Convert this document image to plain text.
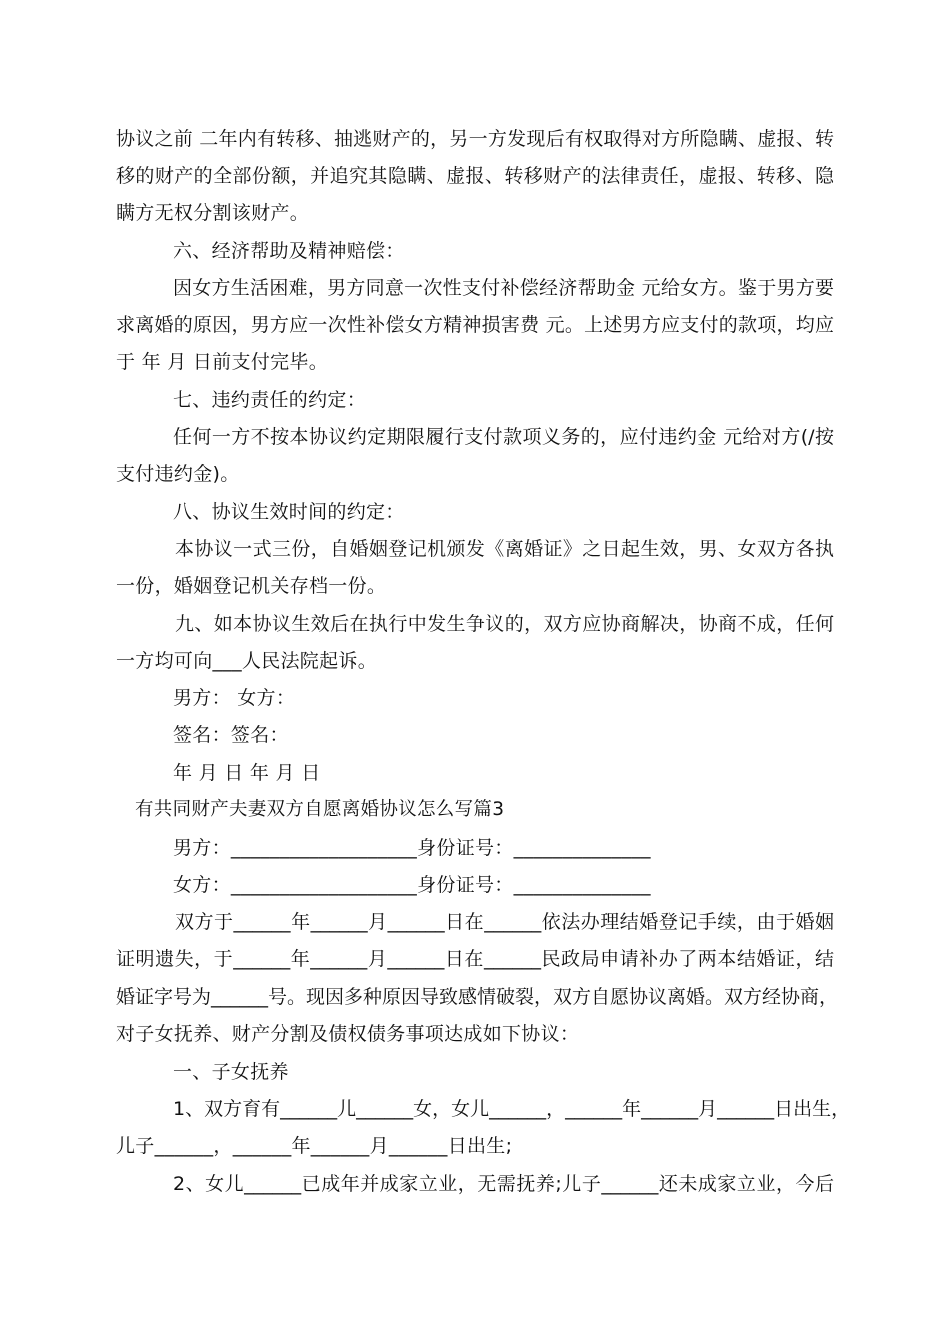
协议之前 二年内有转移、抽逃财产的，另一方发现后有权取得对方所隐瞒、虚报、转
移的财产的全部份额，并追究其隐瞒、虚报、转移财产的法律责任，虚报、转移、隐
瞒方无权分割该财产。
六、经济帮助及精神赔偿：
因女方生活困难，男方同意一次性支付补偿经济帮助金 元给女方。鉴于男方要
求离婚的原因，男方应一次性补偿女方精神损害费 元。上述男方应支付的款项，均应
于 年 月 日前支付完毕。
七、违约责任的约定：
任何一方不按本协议约定期限履行支付款项义务的，应付违约金 元给对方(/按
支付违约金)。
八、协议生效时间的约定：
本协议一式三份，自婚姻登记机颁发《离婚证》之日起生效，男、女双方各执
一份，婚姻登记机关存档一份。
九、如本协议生效后在执行中发生争议的，双方应协商解决，协商不成，任何
一方均可向___人民法院起诉。
男方： 女方：
签名：签名：
年 月 日 年 月 日
有共同财产夫妻双方自愿离婚协议怎么写篇3
男方：___________________身份证号：______________
女方：___________________身份证号：______________
双方于______年______月______日在______依法办理结婚登记手续，由于婚姻
证明遗失，于______年______月______日在______民政局申请补办了两本结婚证，结
婚证字号为______号。现因多种原因导致感情破裂，双方自愿协议离婚。双方经协商，
对子女抚养、财产分割及债权债务事项达成如下协议：
一、子女抚养
1、双方育有______儿______女，女儿______，______年______月______日出生，
儿子______，______年______月______日出生;
2、女儿______已成年并成家立业，无需抚养;儿子______还未成家立业，今后
